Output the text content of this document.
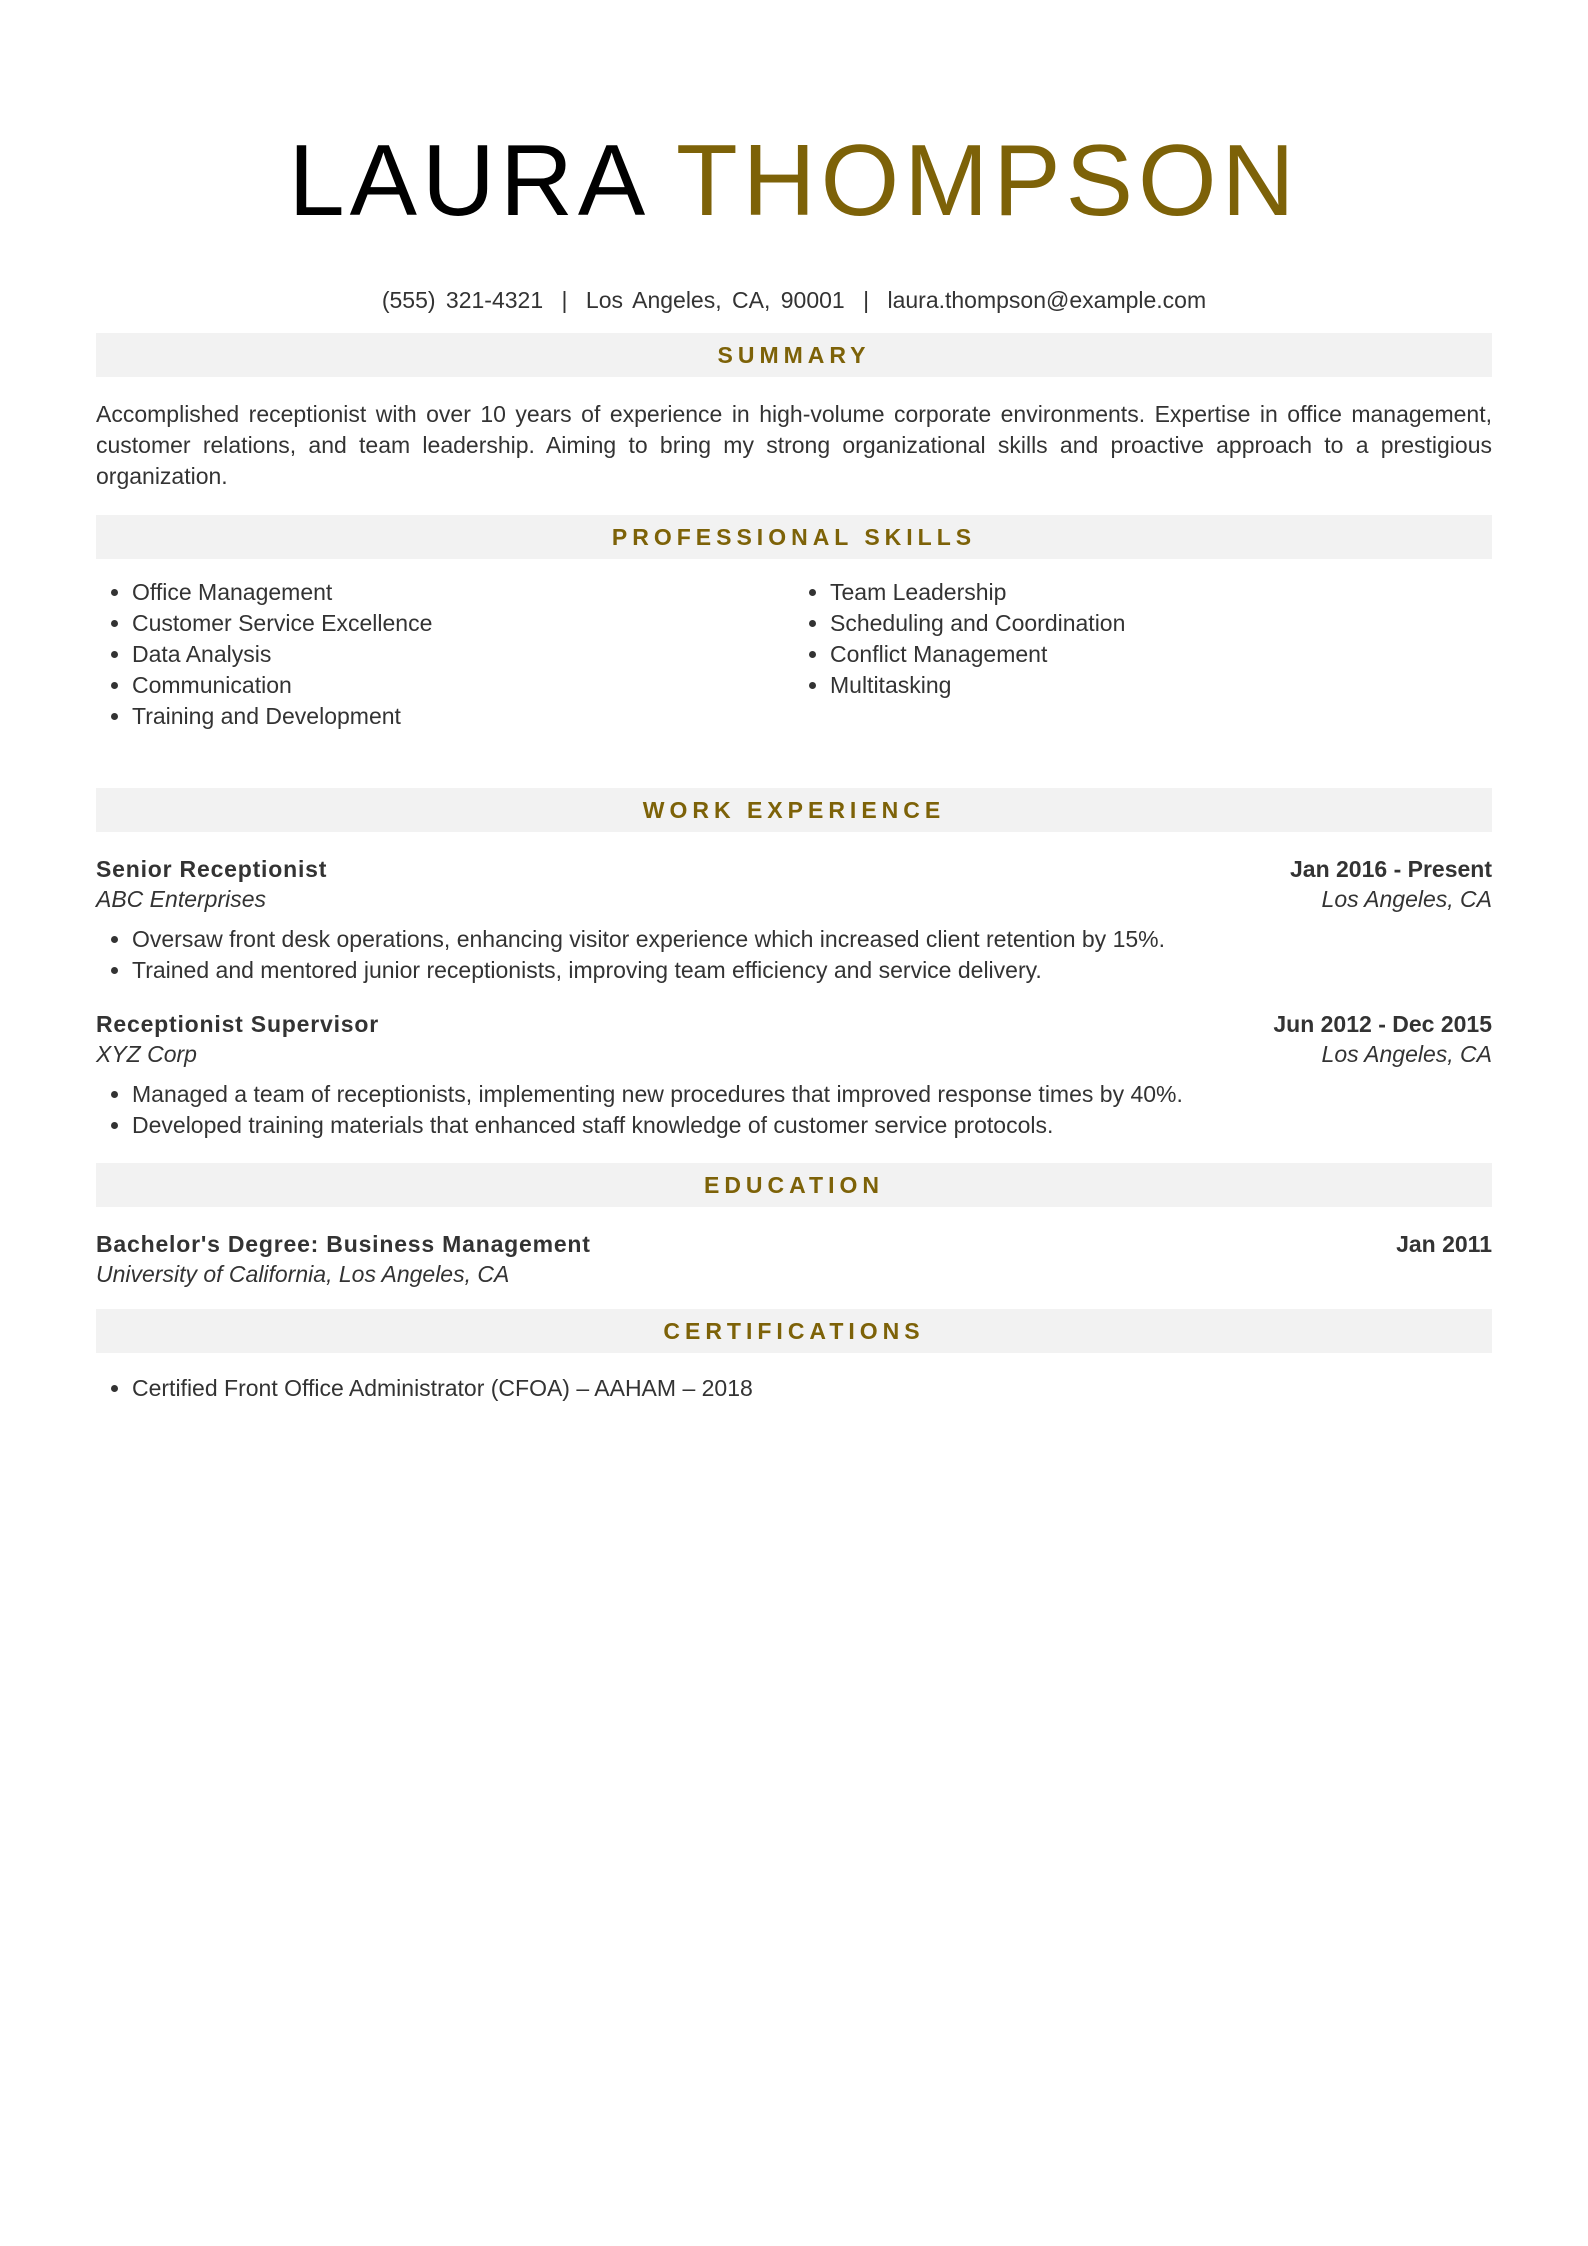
LAURA THOMPSON
(555) 321-4321 | Los Angeles, CA, 90001 | laura.thompson@example.com
SUMMARY

Accomplished receptionist with over 10 years of experience in high-volume corporate environments. Expertise in office management, customer relations, and team leadership. Aiming to bring my strong organizational skills and proactive approach to a prestigious organization.

PROFESSIONAL SKILLS
• Office Management
• Customer Service Excellence
• Data Analysis
• Communication
• Training and Development
• Team Leadership
• Scheduling and Coordination
• Conflict Management
• Multitasking
WORK EXPERIENCE
Senior Receptionist	Jan 2016 - Present
ABC Enterprises	Los Angeles, CA
• Oversaw front desk operations, enhancing visitor experience which increased client retention by 15%.
• Trained and mentored junior receptionists, improving team efficiency and service delivery.
Receptionist Supervisor	Jun 2012 - Dec 2015
XYZ Corp	Los Angeles, CA
• Managed a team of receptionists, implementing new procedures that improved response times by 40%.
• Developed training materials that enhanced staff knowledge of customer service protocols.
EDUCATION
Bachelor's Degree: Business Management	Jan 2011
University of California, Los Angeles, CA
CERTIFICATIONS
• Certified Front Office Administrator (CFOA) – AAHAM – 2018
